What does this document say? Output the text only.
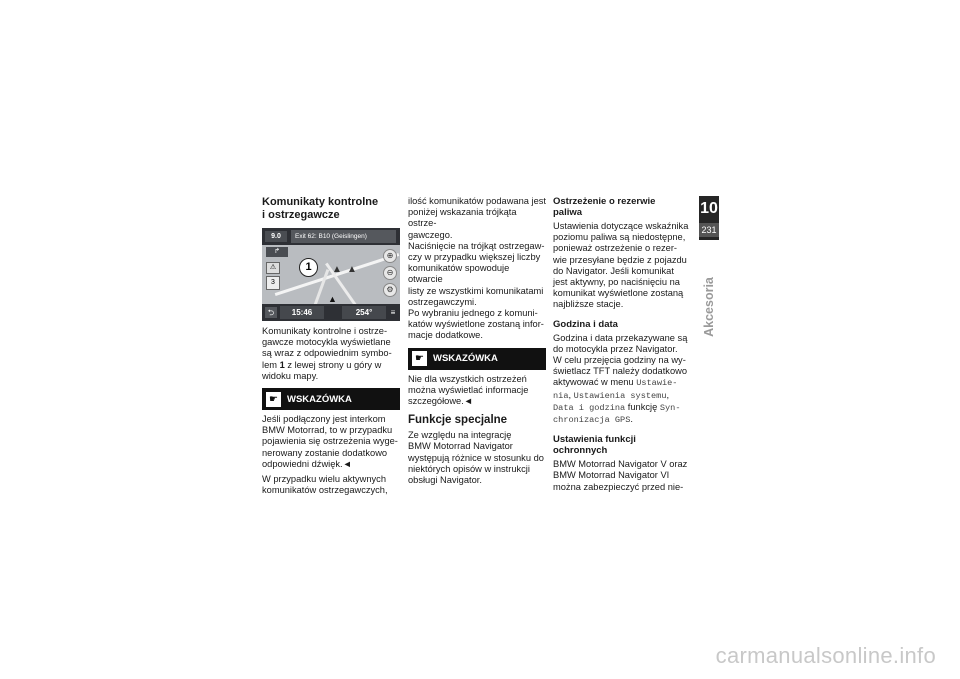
Komunikaty kontrolne
i ostrzegawcze
9.0	Exit 62: B10 (Geislingen)
↱
⚠
3
1	▲ ▲
▲
⊕
⊖
⚙
⮌	15:46	254°	≡
Komunikaty kontrolne i ostrze-
gawcze motocykla wyświetlane
są wraz z odpowiednim symbo-
lem 1 z lewej strony u góry w
widoku mapy.
☛ WSKAZÓWKA
Jeśli podłączony jest interkom
BMW Motorrad, to w przypadku
pojawienia się ostrzeżenia wyge-
nerowany zostanie dodatkowo
odpowiedni dźwięk.◄
W przypadku wielu aktywnych
komunikatów ostrzegawczych,
ilość komunikatów podawana jest
poniżej wskazania trójkąta ostrze-
gawczego.
Naciśnięcie na trójkąt ostrzegaw-
czy w przypadku większej liczby
komunikatów spowoduje otwarcie
listy ze wszystkimi komunikatami
ostrzegawczymi.
Po wybraniu jednego z komuni-
katów wyświetlone zostaną infor-
macje dodatkowe.
☛ WSKAZÓWKA
Nie dla wszystkich ostrzeżeń
można wyświetlać informacje
szczegółowe.◄
Funkcje specjalne
Ze względu na integrację
BMW Motorrad Navigator
występują różnice w stosunku do
niektórych opisów w instrukcji
obsługi Navigator.
Ostrzeżenie o rezerwie
paliwa
Ustawienia dotyczące wskaźnika
poziomu paliwa są niedostępne,
ponieważ ostrzeżenie o rezer-
wie przesyłane będzie z pojazdu
do Navigator. Jeśli komunikat
jest aktywny, po naciśnięciu na
komunikat wyświetlone zostaną
najbliższe stacje.
Godzina i data
Godzina i data przekazywane są
do motocykla przez Navigator.
W celu przejęcia godziny na wy-
świetlacz TFT należy dodatkowo
aktywować w menu Ustawie-
nia, Ustawienia systemu,
Data i godzina funkcję Syn-
chronizacja GPS.
Ustawienia funkcji
ochronnych
BMW Motorrad Navigator V oraz
BMW Motorrad Navigator VI
można zabezpieczyć przed nie-
10
231
Akcesoria
carmanualsonline.info
